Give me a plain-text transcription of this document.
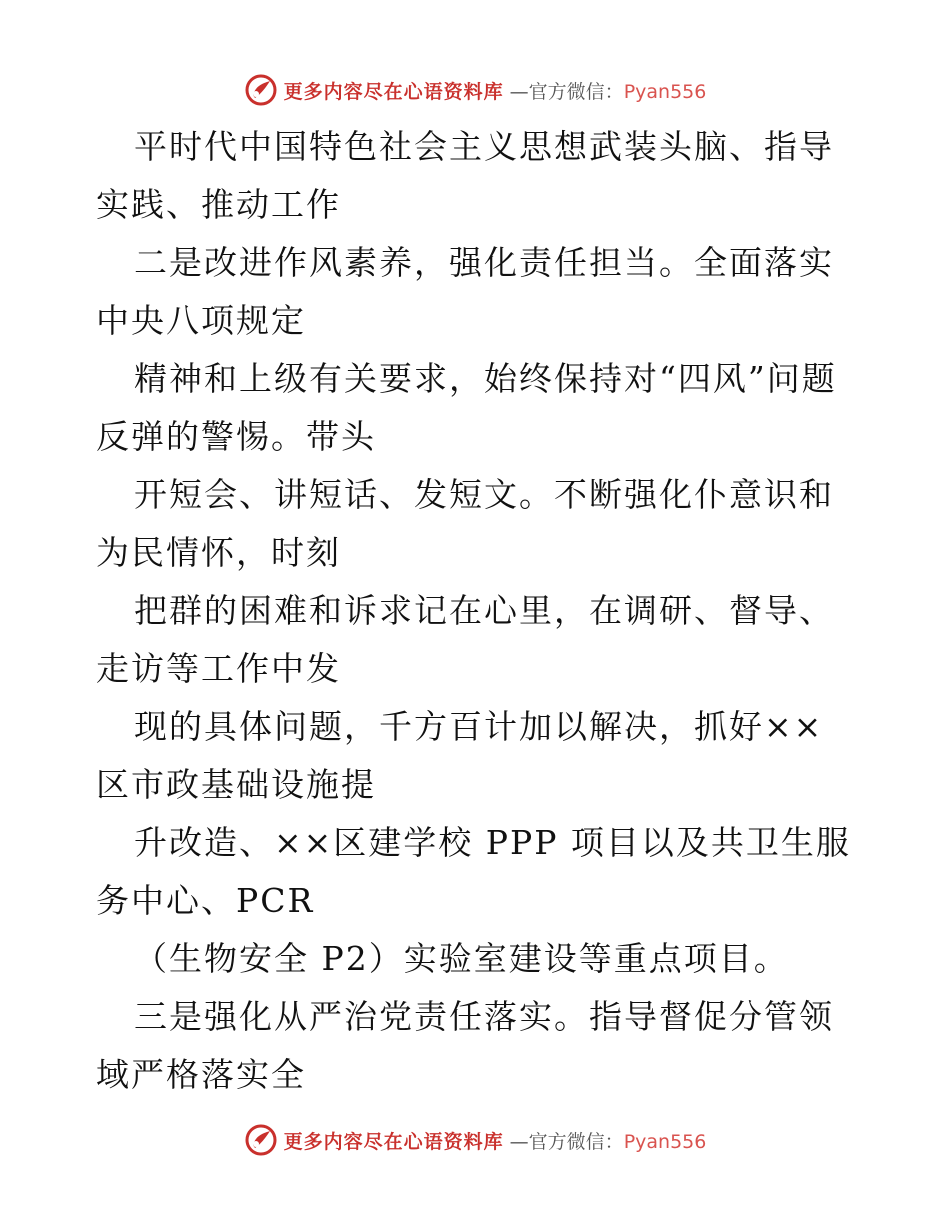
更多内容尽在心语资料库 —官方微信：Pyan556

平时代中国特色社会主义思想武装头脑、指导实践、推动工作

二是改进作风素养，强化责任担当。全面落实中央八项规定

精神和上级有关要求，始终保持对“四风”问题反弹的警惕。带头

开短会、讲短话、发短文。不断强化仆意识和为民情怀，时刻

把群的困难和诉求记在心里，在调研、督导、走访等工作中发

现的具体问题，千方百计加以解决，抓好××区市政基础设施提

升改造、××区建学校 PPP 项目以及共卫生服务中心、PCR

（生物安全 P2）实验室建设等重点项目。

三是强化从严治党责任落实。指导督促分管领域严格落实全

更多内容尽在心语资料库 —官方微信：Pyan556
